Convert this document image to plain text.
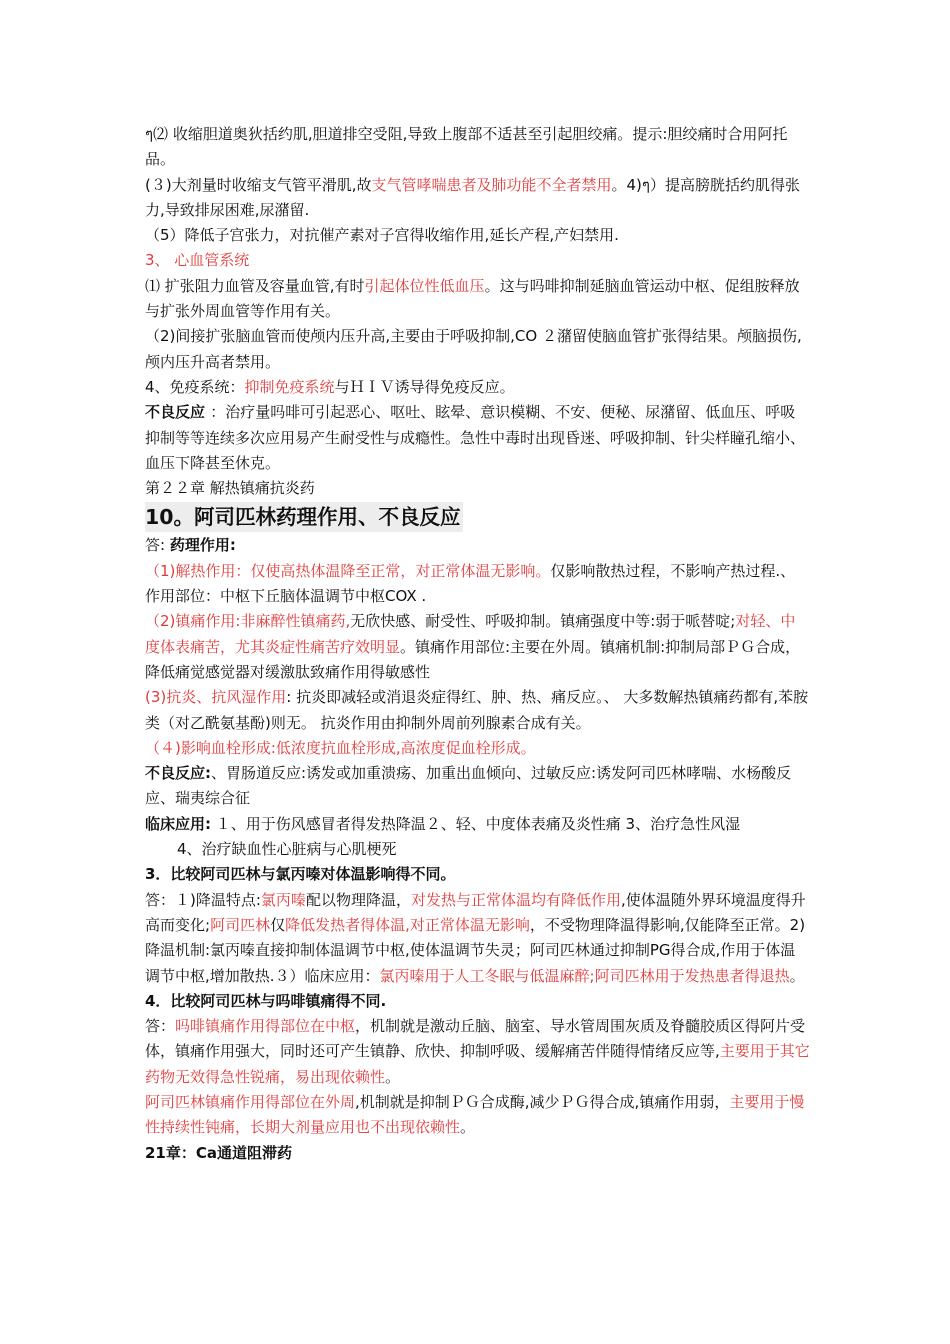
ๆ⑵ 收缩胆道奥狄括约肌,胆道排空受阻,导致上腹部不适甚至引起胆绞痛。提示:胆绞痛时合用阿托品。

(３)大剂量时收缩支气管平滑肌,故支气管哮喘患者及肺功能不全者禁用。4)ๆ）提高膀胱括约肌得张力,导致排尿困难,尿潴留.

（5）降低子宫张力，对抗催产素对子宫得收缩作用,延长产程,产妇禁用.

3、 心血管系统

⑴ 扩张阻力血管及容量血管,有时引起体位性低血压。这与吗啡抑制延脑血管运动中枢、促组胺释放与扩张外周血管等作用有关。

（2)间接扩张脑血管而使颅内压升高,主要由于呼吸抑制,CO ２潴留使脑血管扩张得结果。颅脑损伤,颅内压升高者禁用。

4、免疫系统：抑制免疫系统与ＨＩＶ诱导得免疫反应。

不良反应 ：治疗量吗啡可引起恶心、呕吐、眩晕、意识模糊、不安、便秘、尿潴留、低血压、呼吸抑制等等连续多次应用易产生耐受性与成瘾性。急性中毒时出现昏迷、呼吸抑制、针尖样瞳孔缩小、血压下降甚至休克。

第２２章 解热镇痛抗炎药

10。阿司匹林药理作用、不良反应

答: 药理作用:

（1)解热作用：仅使高热体温降至正常，对正常体温无影响。仅影响散热过程，不影响产热过程.、作用部位：中枢下丘脑体温调节中枢COX .

（2)镇痛作用:非麻醉性镇痛药,无欣快感、耐受性、呼吸抑制。镇痛强度中等:弱于哌替啶;对轻、中度体表痛苦，尤其炎症性痛苦疗效明显。镇痛作用部位:主要在外周。镇痛机制:抑制局部ＰＧ合成，降低痛觉感觉器对缓激肽致痛作用得敏感性

(3)抗炎、抗风湿作用: 抗炎即减轻或消退炎症得红、肿、热、痛反应。、 大多数解热镇痛药都有,苯胺类（对乙酰氨基酚)则无。 抗炎作用由抑制外周前列腺素合成有关。

（４)影响血栓形成:低浓度抗血栓形成,高浓度促血栓形成。

不良反应:、胃肠道反应:诱发或加重溃疡、加重出血倾向、过敏反应:诱发阿司匹林哮喘、水杨酸反应、瑞夷综合征

临床应用: １、用于伤风感冒者得发热降温２、轻、中度体表痛及炎性痛 3、治疗急性风湿

4、治疗缺血性心脏病与心肌梗死

3．比较阿司匹林与氯丙嗪对体温影响得不同。

答：１)降温特点:氯丙嗪配以物理降温，对发热与正常体温均有降低作用,使体温随外界环境温度得升高而变化;阿司匹林仅降低发热者得体温,对正常体温无影响，不受物理降温得影响,仅能降至正常。2)降温机制:氯丙嗪直接抑制体温调节中枢,使体温调节失灵；阿司匹林通过抑制PG得合成,作用于体温调节中枢,增加散热.３）临床应用：氯丙嗪用于人工冬眠与低温麻醉;阿司匹林用于发热患者得退热。

4．比较阿司匹林与吗啡镇痛得不同.

答：吗啡镇痛作用得部位在中枢，机制就是激动丘脑、脑室、导水管周围灰质及脊髓胶质区得阿片受体，镇痛作用强大，同时还可产生镇静、欣快、抑制呼吸、缓解痛苦伴随得情绪反应等,主要用于其它药物无效得急性锐痛，易出现依赖性。

阿司匹林镇痛作用得部位在外周,机制就是抑制ＰＧ合成酶,减少ＰＧ得合成,镇痛作用弱，主要用于慢性持续性钝痛，长期大剂量应用也不出现依赖性。

21章：Ca通道阻滞药
